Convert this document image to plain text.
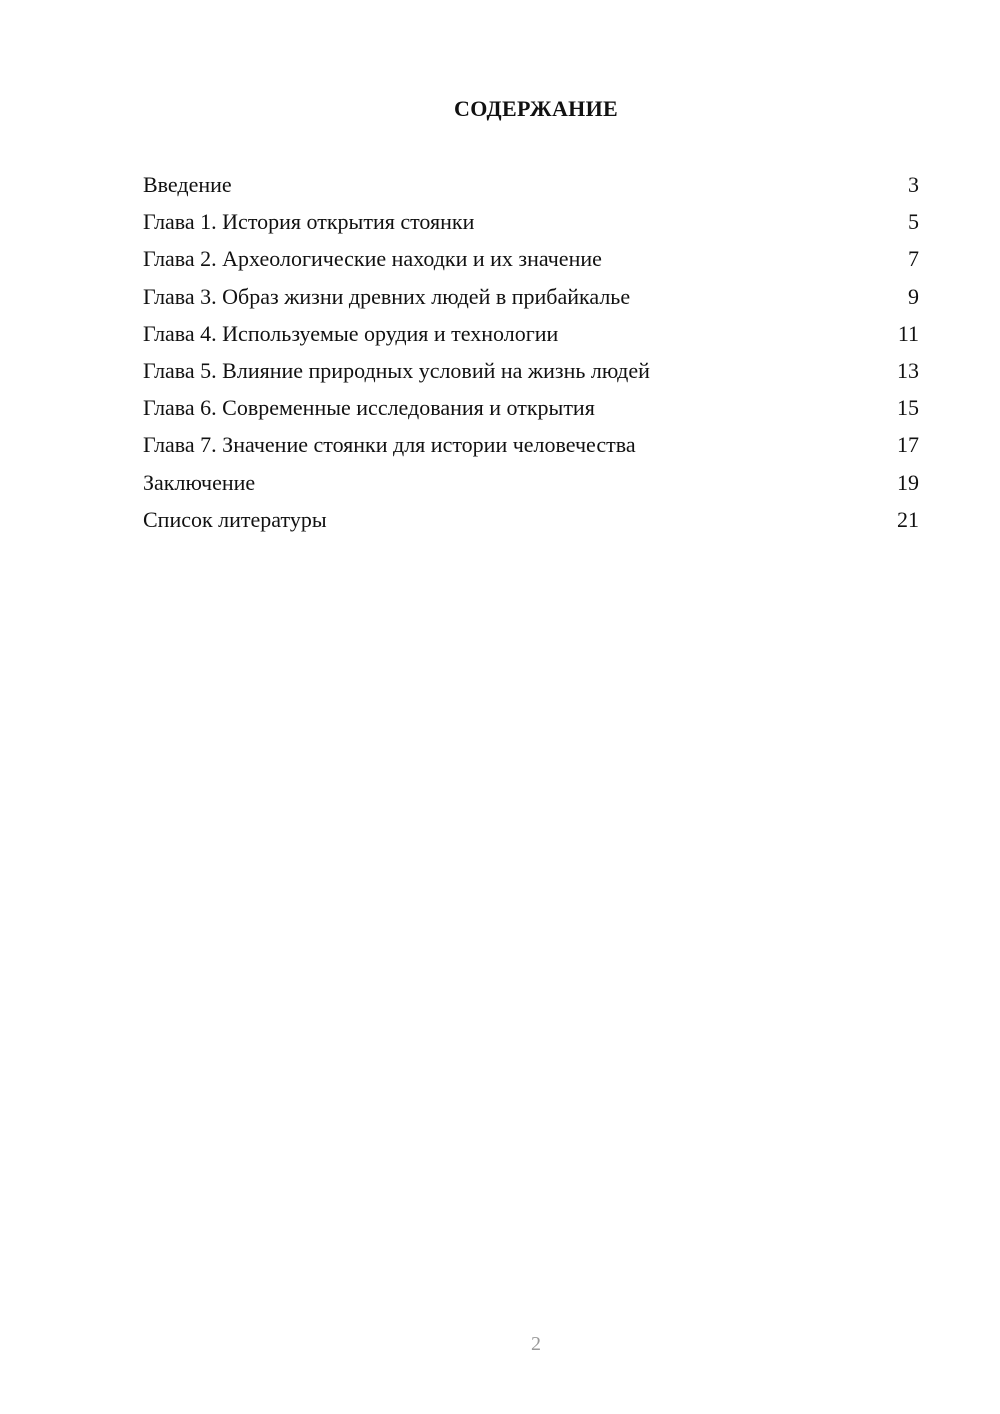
СОДЕРЖАНИЕ
Введение	3
Глава 1. История открытия стоянки	5
Глава 2. Археологические находки и их значение	7
Глава 3. Образ жизни древних людей в прибайкалье	9
Глава 4. Используемые орудия и технологии	11
Глава 5. Влияние природных условий на жизнь людей	13
Глава 6. Современные исследования и открытия	15
Глава 7. Значение стоянки для истории человечества	17
Заключение	19
Список литературы	21
2
